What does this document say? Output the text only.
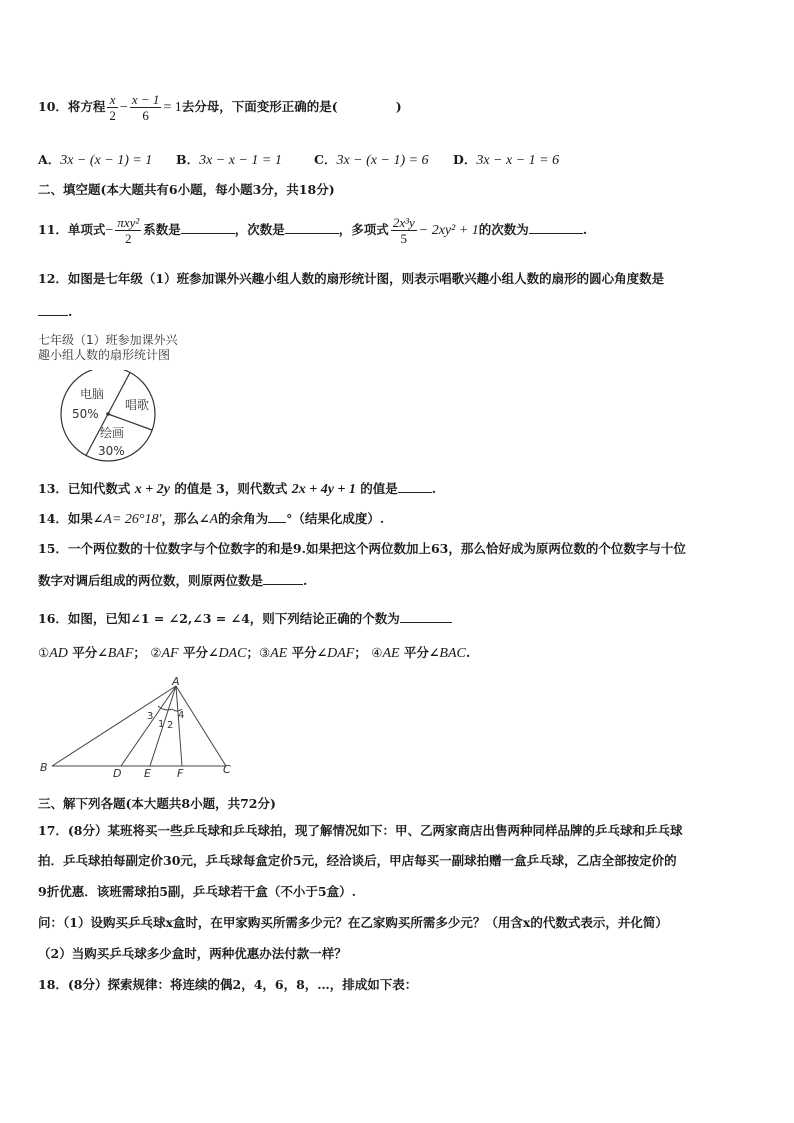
10．将方程 $\frac{x}{2} - \frac{x - 1}{6} = 1$去分母，下面变形正确的是(	)
A．3x − (x − 1) = 1 B．3x − x − 1 = 1	C．3x − (x − 1) = 6 D．3x − x − 1 = 6
二、填空题(本大题共有6小题，每小题3分，共18分)
11．单项式− $\frac{\text{πxy²}}{2}$ 系数是	，次数是	，多项式 $\frac{\text{2x³y}}{5} - 2xy^2 + 1$的次数为	.
12．如图是七年级（1）班参加课外兴趣小组人数的扇形统计图，则表示唱歌兴趣小组人数的扇形的圆心角度数是
.
七年级（1）班参加课外兴
趣小组人数的扇形统计图
电脑
50%
唱歌
绘画
30%
13．已知代数式 x + 2y 的值是 3，则代数式 2x + 4y + 1 的值是	.
14．如果∠A= 26°18′，那么∠A的余角为 °（结果化成度）.
15．一个两位数的十位数字与个位数字的和是9.如果把这个两位数加上63，那么恰好成为原两位数的个位数字与十位
数字对调后组成的两位数，则原两位数是	.
16．如图，已知∠1 = ∠2,∠3 = ∠4，则下列结论正确的个数为
①AD 平分∠BAF； ②AF 平分∠DAC；③AE 平分∠DAF； ④AE 平分∠BAC.
A
B	C
D E F
3
1 2
4
三、解下列各题(本大题共8小题，共72分)
17．(8分）某班将买一些乒乓球和乒乓球拍，现了解情况如下：甲、乙两家商店出售两种同样品牌的乒乓球和乒乓球
拍．乒乓球拍每副定价30元，乒乓球每盒定价5元，经洽谈后，甲店每买一副球拍赠一盒乒乓球，乙店全部按定价的
9折优惠．该班需球拍5副，乒乓球若干盒（不小于5盒）.
问：（1）设购买乒乓球x盒时，在甲家购买所需多少元？在乙家购买所需多少元？（用含x的代数式表示，并化简）
（2）当购买乒乓球多少盒时，两种优惠办法付款一样？
18．(8分）探索规律：将连续的偶2，4，6，8，…，排成如下表：
